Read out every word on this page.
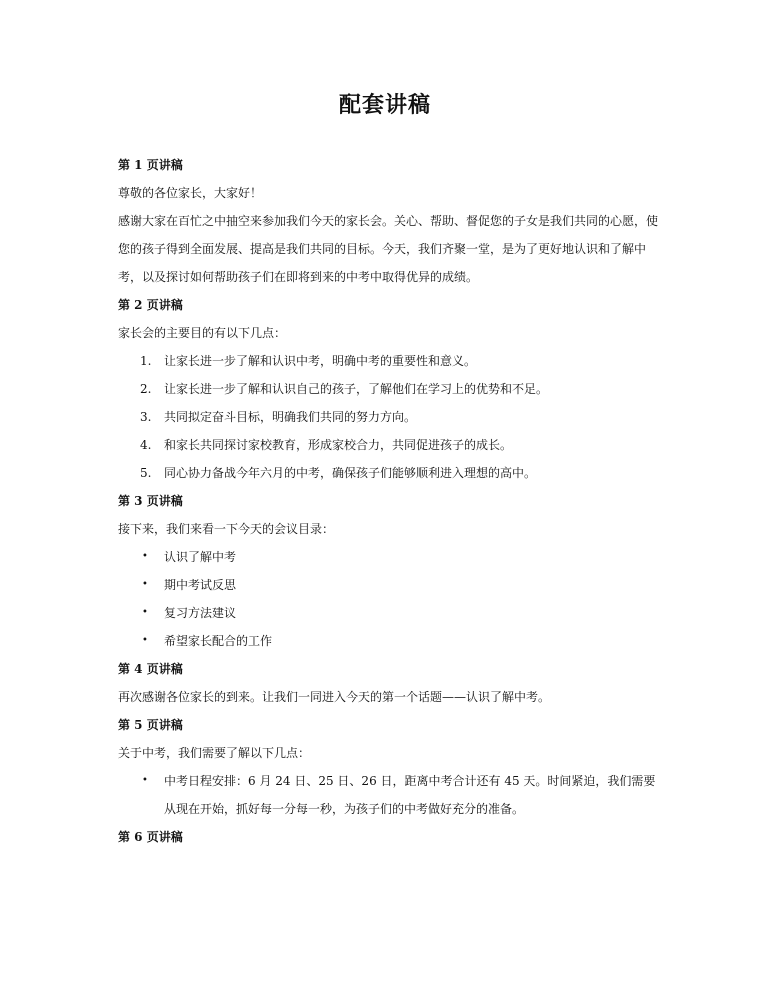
配套讲稿

第 1 页讲稿

尊敬的各位家长，大家好！

感谢大家在百忙之中抽空来参加我们今天的家长会。关心、帮助、督促您的子女是我们共同的心愿，使您的孩子得到全面发展、提高是我们共同的目标。今天，我们齐聚一堂，是为了更好地认识和了解中考，以及探讨如何帮助孩子们在即将到来的中考中取得优异的成绩。

第 2 页讲稿

家长会的主要目的有以下几点：

1.	让家长进一步了解和认识中考，明确中考的重要性和意义。
2.	让家长进一步了解和认识自己的孩子，了解他们在学习上的优势和不足。
3.	共同拟定奋斗目标，明确我们共同的努力方向。
4.	和家长共同探讨家校教育，形成家校合力，共同促进孩子的成长。
5.	同心协力备战今年六月的中考，确保孩子们能够顺利进入理想的高中。

第 3 页讲稿

接下来，我们来看一下今天的会议目录：

•	认识了解中考
•	期中考试反思
•	复习方法建议
•	希望家长配合的工作

第 4 页讲稿

再次感谢各位家长的到来。让我们一同进入今天的第一个话题——认识了解中考。

第 5 页讲稿

关于中考，我们需要了解以下几点：

•	中考日程安排：6 月 24 日、25 日、26 日，距离中考合计还有 45 天。时间紧迫，我们需要从现在开始，抓好每一分每一秒，为孩子们的中考做好充分的准备。

第 6 页讲稿
